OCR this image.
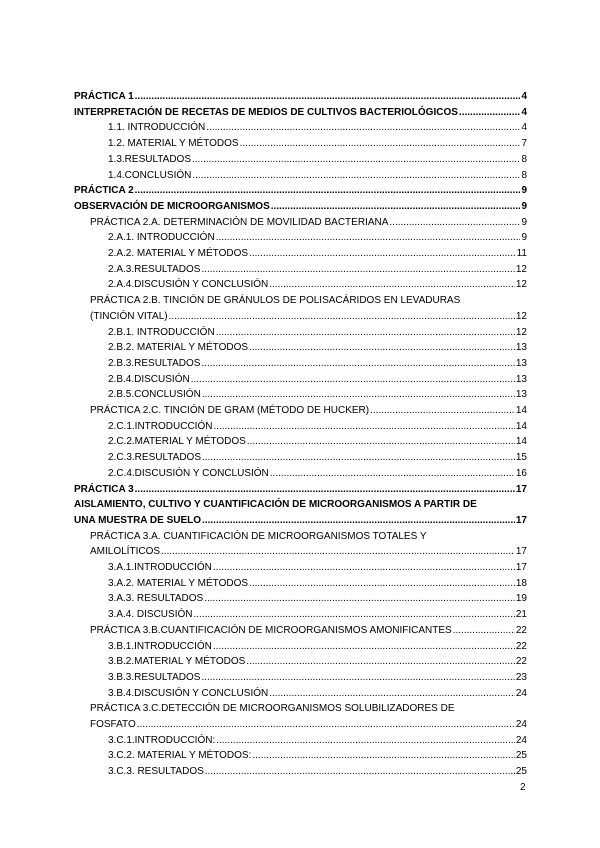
PRÁCTICA 1 .....	4
INTERPRETACIÓN DE RECETAS DE MEDIOS DE CULTIVOS BACTERIOLÓGICOS .....	4
1.1. INTRODUCCIÓN .....	4
1.2. MATERIAL Y MÉTODOS .....	7
1.3.RESULTADOS .....	8
1.4.CONCLUSIÓN .....	8
PRÁCTICA 2 .....	9
OBSERVACIÓN DE MICROORGANISMOS .....	9
PRÁCTICA 2.A. DETERMINACIÓN DE MOVILIDAD BACTERIANA .....	9
2.A.1. INTRODUCCIÓN .....	9
2.A.2. MATERIAL Y MÉTODOS .....	11
2.A.3.RESULTADOS .....	12
2.A.4.DISCUSIÓN Y CONCLUSIÓN .....	12
PRÁCTICA 2.B. TINCIÓN DE GRÁNULOS DE POLISACÁRIDOS EN LEVADURAS
(TINCIÓN VITAL) .....	12
2.B.1. INTRODUCCIÓN .....	12
2.B.2. MATERIAL Y MÉTODOS .....	13
2.B.3.RESULTADOS .....	13
2.B.4.DISCUSIÓN .....	13
2.B.5.CONCLUSIÓN .....	13
PRÁCTICA 2.C. TINCIÓN DE GRAM (MÉTODO DE HUCKER) .....	14
2.C.1.INTRODUCCIÓN .....	14
2.C.2.MATERIAL Y MÉTODOS .....	14
2.C.3.RESULTADOS .....	15
2.C.4.DISCUSIÓN Y CONCLUSIÓN .....	16
PRÁCTICA 3 .....	17
AISLAMIENTO, CULTIVO Y CUANTIFICACIÓN DE MICROORGANISMOS A PARTIR DE
UNA MUESTRA DE SUELO .....	17
PRÁCTICA 3.A. CUANTIFICACIÓN DE MICROORGANISMOS TOTALES Y
AMILOLÍTICOS .....	17
3.A.1.INTRODUCCIÓN .....	17
3.A.2. MATERIAL Y MÉTODOS .....	18
3.A.3. RESULTADOS .....	19
3.A.4. DISCUSIÓN .....	21
PRÁCTICA 3.B.CUANTIFICACIÓN DE MICROORGANISMOS AMONIFICANTES .....	22
3.B.1.INTRODUCCIÓN .....	22
3.B.2.MATERIAL Y MÉTODOS .....	22
3.B.3.RESULTADOS .....	23
3.B.4.DISCUSIÓN Y CONCLUSIÓN .....	24
PRÁCTICA 3.C.DETECCIÓN DE MICROORGANISMOS SOLUBILIZADORES DE
FOSFATO .....	24
3.C.1.INTRODUCCIÓN: .....	24
3.C.2. MATERIAL Y MÉTODOS: .....	25
3.C.3. RESULTADOS .....	25
2
